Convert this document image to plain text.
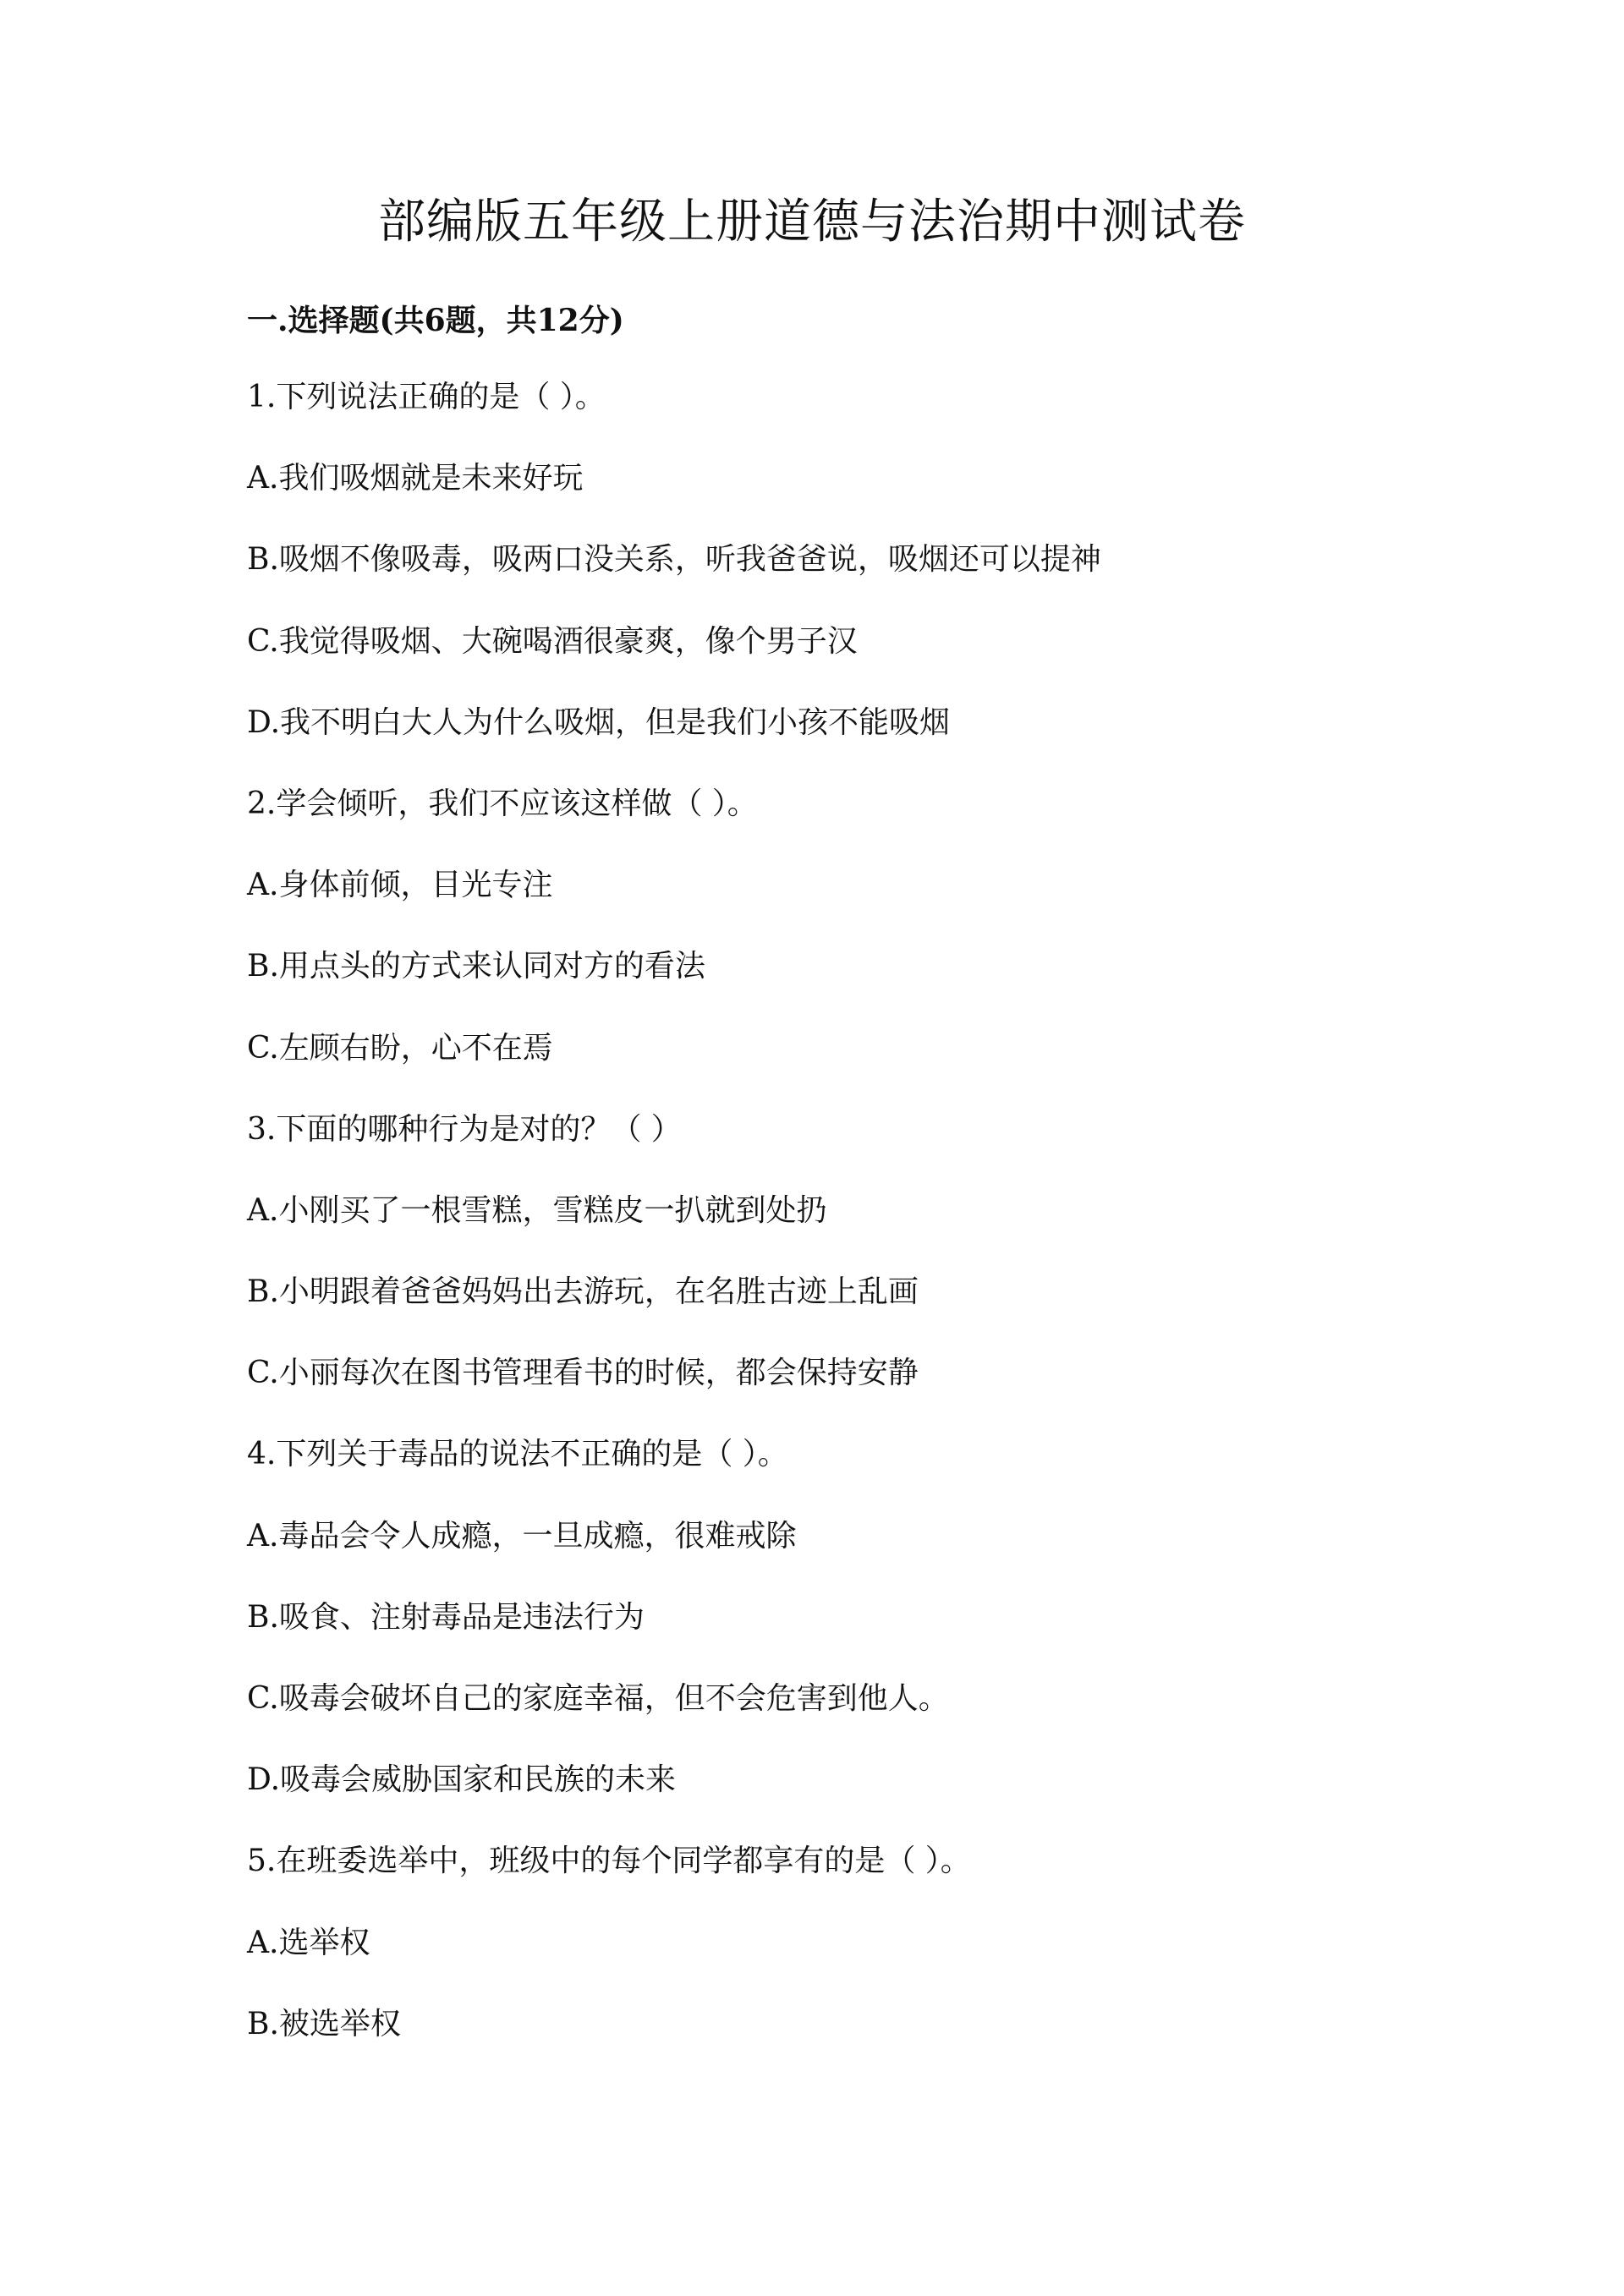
部编版五年级上册道德与法治期中测试卷
一.选择题(共6题，共12分)
1.下列说法正确的是（ ）。
A.我们吸烟就是未来好玩
B.吸烟不像吸毒，吸两口没关系，听我爸爸说，吸烟还可以提神
C.我觉得吸烟、大碗喝酒很豪爽，像个男子汉
D.我不明白大人为什么吸烟，但是我们小孩不能吸烟
2.学会倾听，我们不应该这样做（ ）。
A.身体前倾，目光专注
B.用点头的方式来认同对方的看法
C.左顾右盼，心不在焉
3.下面的哪种行为是对的？（ ）
A.小刚买了一根雪糕，雪糕皮一扒就到处扔
B.小明跟着爸爸妈妈出去游玩，在名胜古迹上乱画
C.小丽每次在图书管理看书的时候，都会保持安静
4.下列关于毒品的说法不正确的是（ ）。
A.毒品会令人成瘾，一旦成瘾，很难戒除
B.吸食、注射毒品是违法行为
C.吸毒会破坏自己的家庭幸福，但不会危害到他人。
D.吸毒会威胁国家和民族的未来
5.在班委选举中，班级中的每个同学都享有的是（ ）。
A.选举权
B.被选举权
